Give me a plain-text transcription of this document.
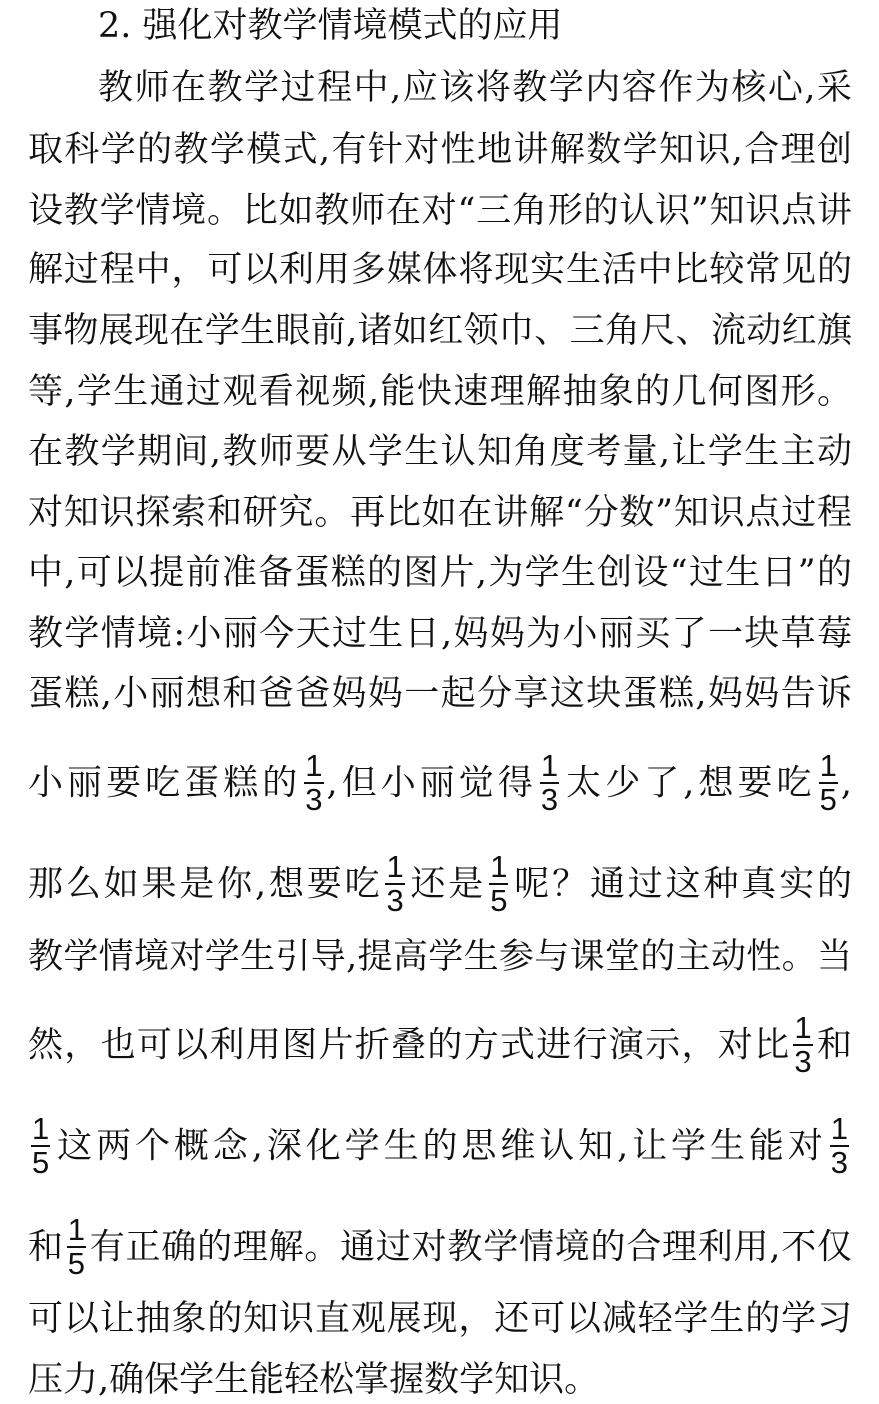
2. 强化对教学情境模式的应用
教师在教学过程中,应该将教学内容作为核心,采
取科学的教学模式,有针对性地讲解数学知识,合理创
设教学情境。比如教师在对“三角形的认识”知识点讲
解过程中，可以利用多媒体将现实生活中比较常见的
事物展现在学生眼前,诸如红领巾、三角尺、流动红旗
等,学生通过观看视频,能快速理解抽象的几何图形。
在教学期间,教师要从学生认知角度考量,让学生主动
对知识探索和研究。再比如在讲解“分数”知识点过程
中,可以提前准备蛋糕的图片,为学生创设“过生日”的
教学情境:小丽今天过生日,妈妈为小丽买了一块草莓
蛋糕,小丽想和爸爸妈妈一起分享这块蛋糕,妈妈告诉
小丽要吃蛋糕的 $\frac{1}{3}$ ,但小丽觉得 $\frac{1}{3}$ 太少了,想要吃 $\frac{1}{5}$ ,
那么如果是你,想要吃 $\frac{1}{3}$ 还是 $\frac{1}{5}$ 呢？通过这种真实的
教学情境对学生引导,提高学生参与课堂的主动性。当
然，也可以利用图片折叠的方式进行演示，对比 $\frac{1}{3}$ 和
$\frac{1}{5}$ 这两个概念,深化学生的思维认知,让学生能对 $\frac{1}{3}$
和 $\frac{1}{5}$ 有正确的理解。通过对教学情境的合理利用,不仅
可以让抽象的知识直观展现，还可以减轻学生的学习
压力,确保学生能轻松掌握数学知识。
